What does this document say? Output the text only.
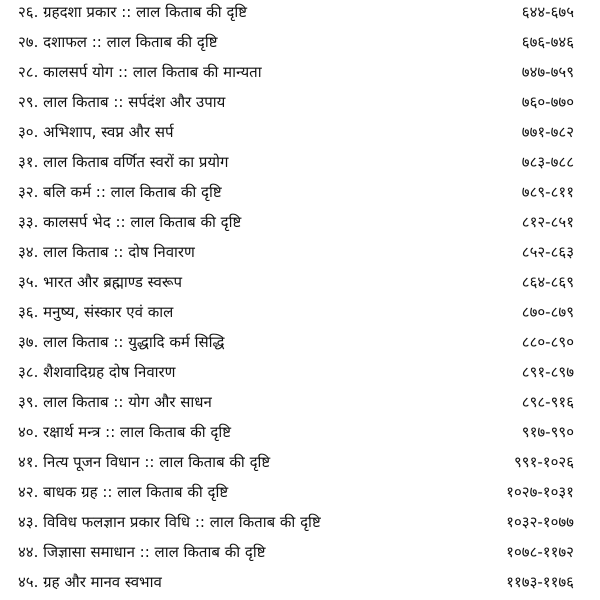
२६. ग्रहदशा प्रकार :: लाल किताब की दृष्टि	६४४-६७५
२७. दशाफल :: लाल किताब की दृष्टि	६७६-७४६
२८. कालसर्प योग :: लाल किताब की मान्यता	७४७-७५९
२९. लाल किताब :: सर्पदंश और उपाय	७६०-७७०
३०. अभिशाप, स्वप्न और सर्प	७७१-७८२
३१. लाल किताब वर्णित स्वरों का प्रयोग	७८३-७८८
३२. बलि कर्म :: लाल किताब की दृष्टि	७८९-८११
३३. कालसर्प भेद :: लाल किताब की दृष्टि	८१२-८५१
३४. लाल किताब :: दोष निवारण	८५२-८६३
३५. भारत और ब्रह्माण्ड स्वरूप	८६४-८६९
३६. मनुष्य, संस्कार एवं काल	८७०-८७९
३७. लाल किताब :: युद्धादि कर्म सिद्धि	८८०-८९०
३८. शैशवादिग्रह दोष निवारण	८९१-८९७
३९. लाल किताब :: योग और साधन	८९८-९१६
४०. रक्षार्थ मन्त्र :: लाल किताब की दृष्टि	९१७-९९०
४१. नित्य पूजन विधान :: लाल किताब की दृष्टि	९९१-१०२६
४२. बाधक ग्रह :: लाल किताब की दृष्टि	१०२७-१०३१
४३. विविध फलज्ञान प्रकार विधि :: लाल किताब की दृष्टि	१०३२-१०७७
४४. जिज्ञासा समाधान :: लाल किताब की दृष्टि	१०७८-११७२
४५. ग्रह और मानव स्वभाव	११७३-११७६
